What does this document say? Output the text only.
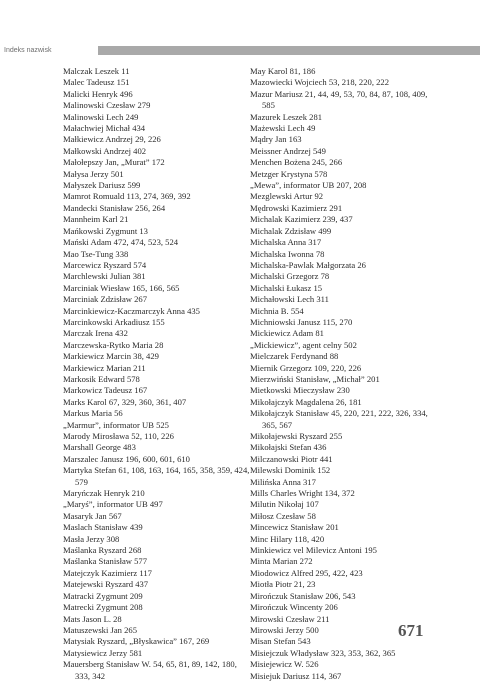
Indeks nazwisk
Malczak Leszek 11
Malec Tadeusz 151
Malicki Henryk 496
Malinowski Czesław 279
Malinowski Lech 249
Małachwiej Michał 434
Małkiewicz Andrzej 29, 226
Małkowski Andrzej 402
Małołepszy Jan, „Murat” 172
Małysa Jerzy 501
Małyszek Dariusz 599
Mamrot Romuald 113, 274, 369, 392
Mandecki Stanisław 256, 264
Mannheim Karl 21
Mańkowski Zygmunt 13
Mański Adam 472, 474, 523, 524
Mao Tse-Tung 338
Marcewicz Ryszard 574
Marchlewski Julian 381
Marciniak Wiesław 165, 166, 565
Marciniak Zdzisław 267
Marcinkiewicz-Kaczmarczyk Anna 435
Marcinkowski Arkadiusz 155
Marczak Irena 432
Marczewska-Rytko Maria 28
Markiewicz Marcin 38, 429
Markiewicz Marian 211
Markosik Edward 578
Markowicz Tadeusz 167
Marks Karol 67, 329, 360, 361, 407
Markus Maria 56
„Marmur”, informator UB 525
Marody Mirosława 52, 110, 226
Marshall George 483
Marszalec Janusz 196, 600, 601, 610
Martyka Stefan 61, 108, 163, 164, 165, 358, 359, 424, 579
Maryńczak Henryk 210
„Maryś”, informator UB 497
Masaryk Jan 567
Maslach Stanisław 439
Masła Jerzy 308
Maślanka Ryszard 268
Maślanka Stanisław 577
Matejczyk Kazimierz 117
Matejewski Ryszard 437
Matracki Zygmunt 209
Matrecki Zygmunt 208
Mats Jason L. 28
Matuszewski Jan 265
Matysiak Ryszard, „Błyskawica” 167, 269
Matysiewicz Jerzy 581
Mauersberg Stanisław W. 54, 65, 81, 89, 142, 180, 333, 342
May Karol 81, 186
Mazowiecki Wojciech 53, 218, 220, 222
Mazur Mariusz 21, 44, 49, 53, 70, 84, 87, 108, 409, 585
Mazurek Leszek 281
Mażewski Lech 49
Mądry Jan 163
Meissner Andrzej 549
Menchen Bożena 245, 266
Metzger Krystyna 578
„Mewa”, informator UB 207, 208
Mezglewski Artur 92
Mędrowski Kazimierz 291
Michalak Kazimierz 239, 437
Michalak Zdzisław 499
Michalska Anna 317
Michalska Iwonna 78
Michalska-Pawlak Małgorzata 26
Michalski Grzegorz 78
Michalski Łukasz 15
Michałowski Lech 311
Michnia B. 554
Michniowski Janusz 115, 270
Mickiewicz Adam 81
„Mickiewicz”, agent celny 502
Mielczarek Ferdynand 88
Miernik Grzegorz 109, 220, 226
Mierzwiński Stanisław, „Michał” 201
Mietkowski Mieczysław 230
Mikołajczyk Magdalena 26, 181
Mikołajczyk Stanisław 45, 220, 221, 222, 326, 334, 365, 567
Mikołajewski Ryszard 255
Mikołajski Stefan 436
Milczanowski Piotr 441
Milewski Dominik 152
Milińska Anna 317
Mills Charles Wright 134, 372
Milutin Nikołaj 107
Miłosz Czesław 58
Mincewicz Stanisław 201
Minc Hilary 118, 420
Minkiewicz vel Milevicz Antoni 195
Minta Marian 272
Miodowicz Alfred 295, 422, 423
Miotła Piotr 21, 23
Mirończuk Stanisław 206, 543
Mirończuk Wincenty 206
Mirowski Czesław 211
Mirowski Jerzy 500
Misan Stefan 543
Misiejczuk Władysław 323, 353, 362, 365
Misiejewicz W. 526
Misiejuk Dariusz 114, 367
671
